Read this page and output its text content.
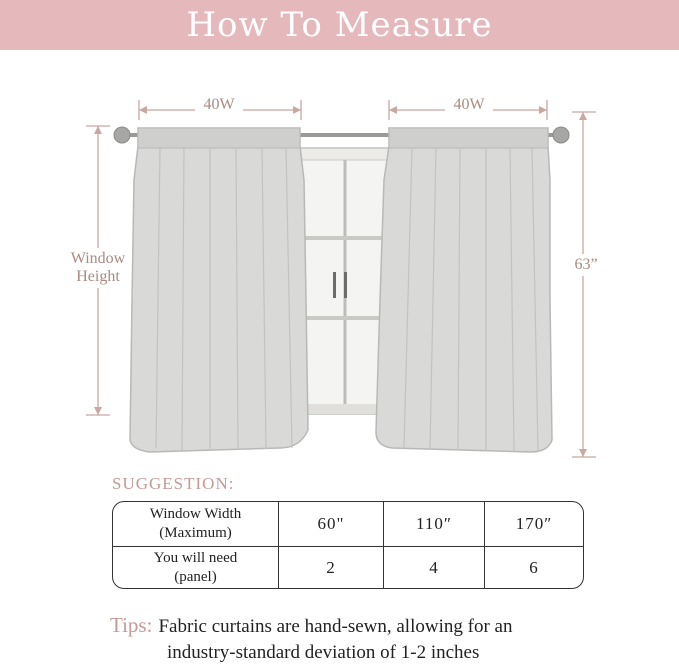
How To Measure
40W	40W
Window
Height
63”
SUGGESTION:
Window Width
(Maximum)	60"	110″	170″
You will need
(panel)	2	4	6
Tips: Fabric curtains are hand-sewn, allowing for an
industry-standard deviation of 1-2 inches
